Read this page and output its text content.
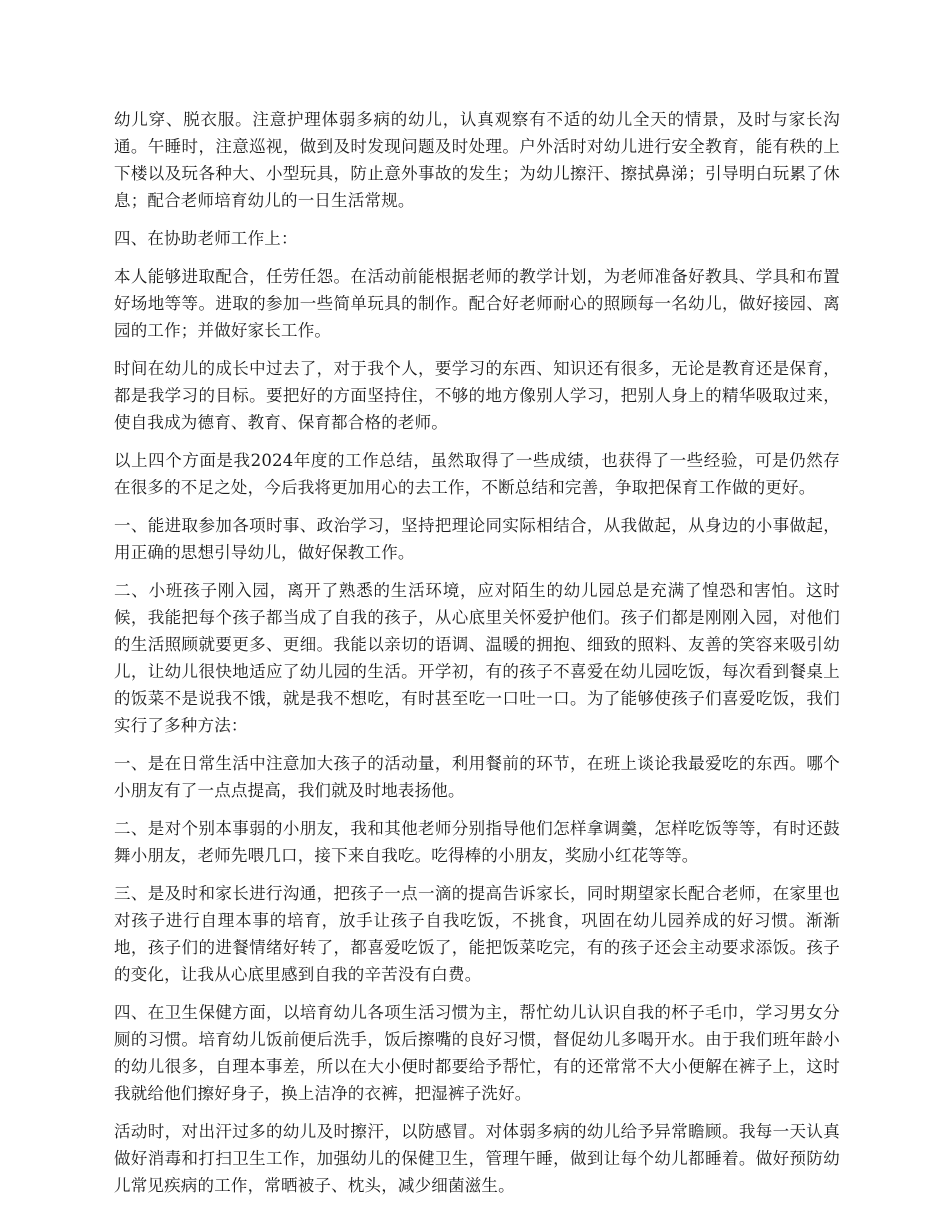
幼儿穿、脱衣服。注意护理体弱多病的幼儿，认真观察有不适的幼儿全天的情景，及时与家长沟通。午睡时，注意巡视，做到及时发现问题及时处理。户外活时对幼儿进行安全教育，能有秩的上下楼以及玩各种大、小型玩具，防止意外事故的发生；为幼儿擦汗、擦拭鼻涕；引导明白玩累了休息；配合老师培育幼儿的一日生活常规。

四、在协助老师工作上：

本人能够进取配合，任劳任怨。在活动前能根据老师的教学计划，为老师准备好教具、学具和布置好场地等等。进取的参加一些简单玩具的制作。配合好老师耐心的照顾每一名幼儿，做好接园、离园的工作；并做好家长工作。

时间在幼儿的成长中过去了，对于我个人，要学习的东西、知识还有很多，无论是教育还是保育，都是我学习的目标。要把好的方面坚持住，不够的地方像别人学习，把别人身上的精华吸取过来，使自我成为德育、教育、保育都合格的老师。

以上四个方面是我2024年度的工作总结，虽然取得了一些成绩，也获得了一些经验，可是仍然存在很多的不足之处，今后我将更加用心的去工作，不断总结和完善，争取把保育工作做的更好。

一、能进取参加各项时事、政治学习，坚持把理论同实际相结合，从我做起，从身边的小事做起，用正确的思想引导幼儿，做好保教工作。

二、小班孩子刚入园，离开了熟悉的生活环境，应对陌生的幼儿园总是充满了惶恐和害怕。这时候，我能把每个孩子都当成了自我的孩子，从心底里关怀爱护他们。孩子们都是刚刚入园，对他们的生活照顾就要更多、更细。我能以亲切的语调、温暖的拥抱、细致的照料、友善的笑容来吸引幼儿，让幼儿很快地适应了幼儿园的生活。开学初，有的孩子不喜爱在幼儿园吃饭，每次看到餐桌上的饭菜不是说我不饿，就是我不想吃，有时甚至吃一口吐一口。为了能够使孩子们喜爱吃饭，我们实行了多种方法：

一、是在日常生活中注意加大孩子的活动量，利用餐前的环节，在班上谈论我最爱吃的东西。哪个小朋友有了一点点提高，我们就及时地表扬他。

二、是对个别本事弱的小朋友，我和其他老师分别指导他们怎样拿调羹，怎样吃饭等等，有时还鼓舞小朋友，老师先喂几口，接下来自我吃。吃得棒的小朋友，奖励小红花等等。

三、是及时和家长进行沟通，把孩子一点一滴的提高告诉家长，同时期望家长配合老师，在家里也对孩子进行自理本事的培育，放手让孩子自我吃饭，不挑食，巩固在幼儿园养成的好习惯。渐渐地，孩子们的进餐情绪好转了，都喜爱吃饭了，能把饭菜吃完，有的孩子还会主动要求添饭。孩子的变化，让我从心底里感到自我的辛苦没有白费。

四、在卫生保健方面，以培育幼儿各项生活习惯为主，帮忙幼儿认识自我的杯子毛巾，学习男女分厕的习惯。培育幼儿饭前便后洗手，饭后擦嘴的良好习惯，督促幼儿多喝开水。由于我们班年龄小的幼儿很多，自理本事差，所以在大小便时都要给予帮忙，有的还常常不大小便解在裤子上，这时我就给他们擦好身子，换上洁净的衣裤，把湿裤子洗好。

活动时，对出汗过多的幼儿及时擦汗，以防感冒。对体弱多病的幼儿给予异常瞻顾。我每一天认真做好消毒和打扫卫生工作，加强幼儿的保健卫生，管理午睡，做到让每个幼儿都睡着。做好预防幼儿常见疾病的工作，常晒被子、枕头，减少细菌滋生。
